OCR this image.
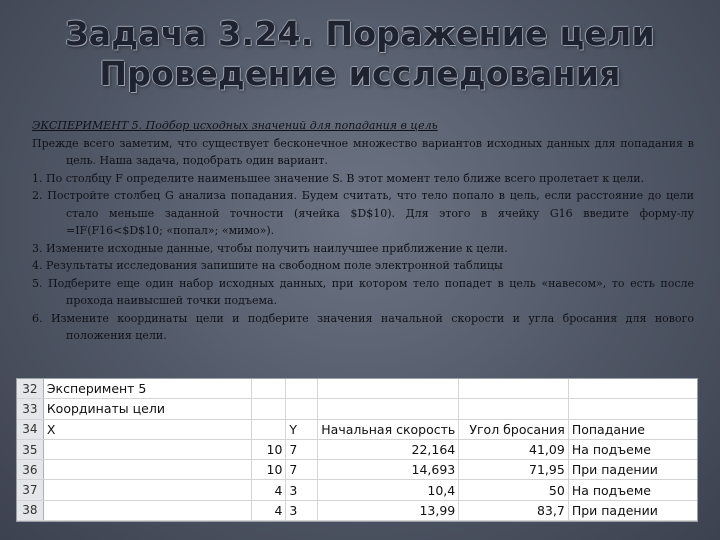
Задача 3.24. Поражение цели
Проведение исследования

ЭКСПЕРИМЕНТ 5. Подбор исходных значений для попадания в цель

Прежде всего заметим, что существует бесконечное множество вариантов исходных данных для попадания в цель. Наша задача, подобрать один вариант.

1. По столбцу F определите наименьшее значение S. В этот момент тело ближе всего пролетает к цели.

2. Постройте столбец G анализа попадания. Будем считать, что тело попало в цель, если расстояние до цели стало меньше заданной точности (ячейка $D$10). Для этого в ячейку G16 введите форму-лу =IF(F16<$D$10; «попал»; «мимо»).

3. Измените исходные данные, чтобы получить наилучшее приближение к цели.

4. Результаты исследования запишите на свободном поле электронной таблицы

5. Подберите еще один набор исходных данных, при котором тело попадет в цель «навесом», то есть после прохода наивысшей точки подъема.

6. Измените координаты цели и подберите значения начальной скорости и угла бросания для нового положения цели.

32	Эксперимент 5					
33	Координаты цели					
34	X		Y	Начальная скорость	Угол бросания	Попадание
35		10	7	22,164	41,09	На подъеме
36		10	7	14,693	71,95	При падении
37		4	3	10,4	50	На подъеме
38		4	3	13,99	83,7	При падении
